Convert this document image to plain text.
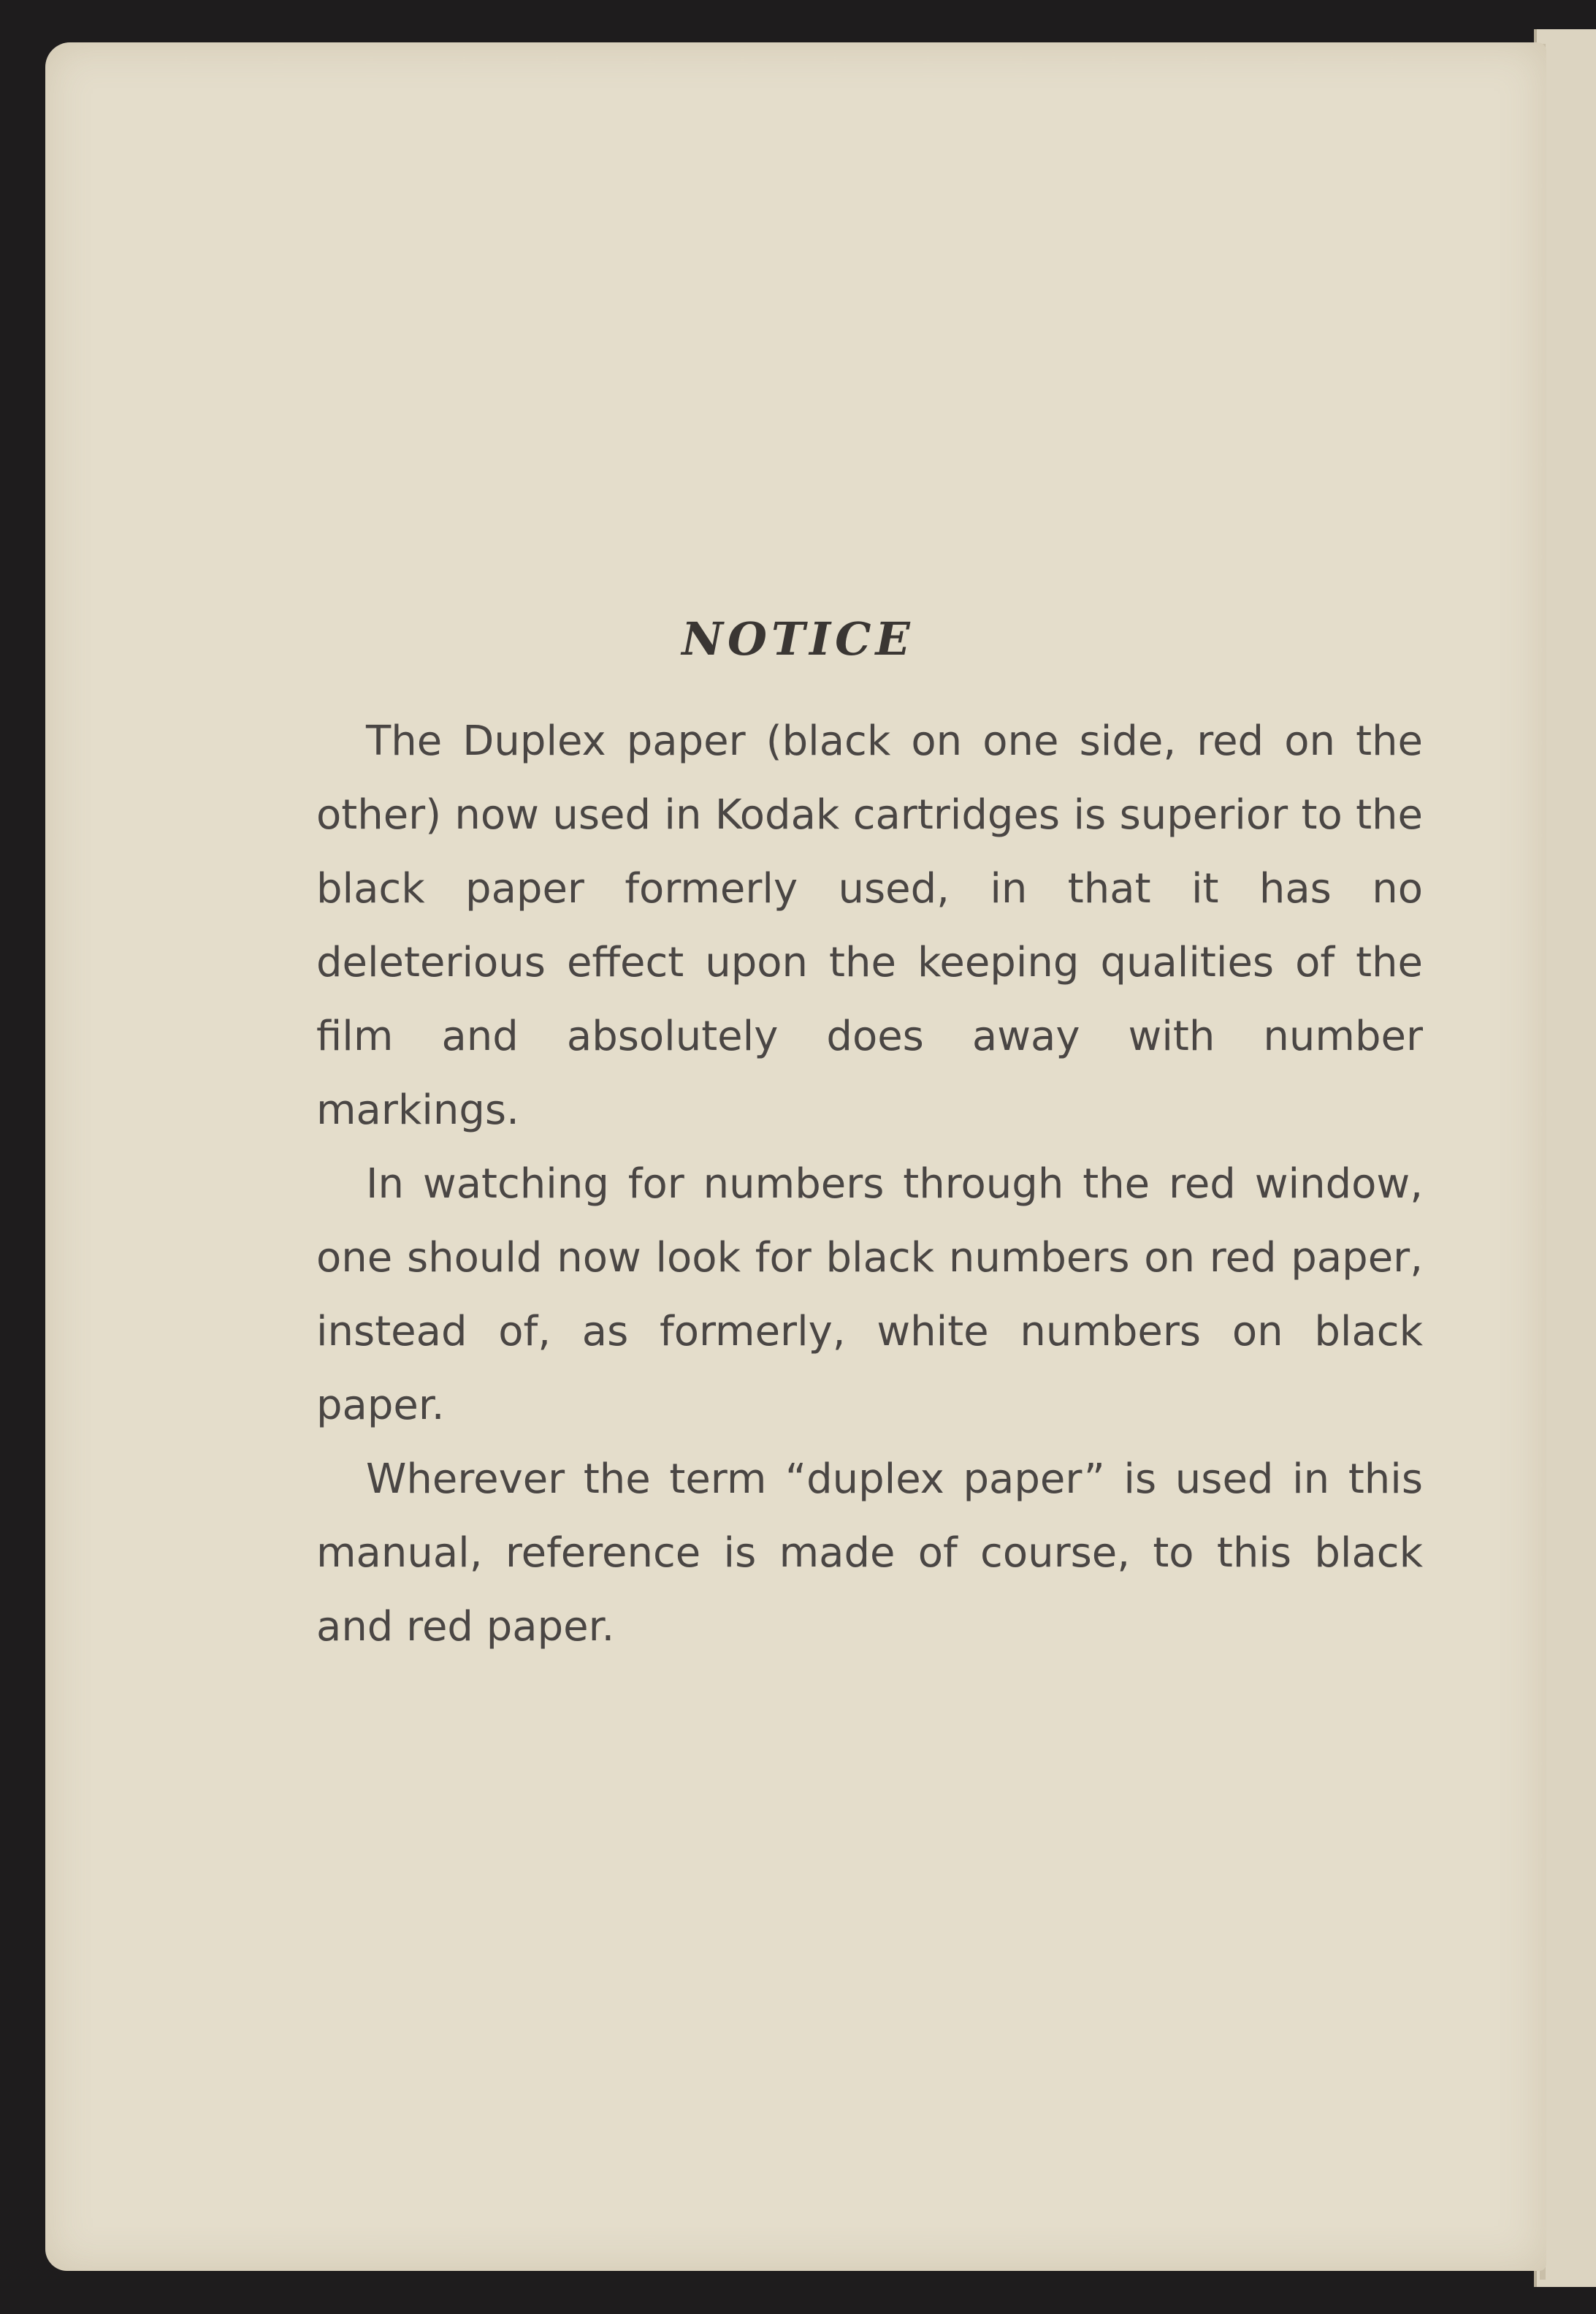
NOTICE

The Duplex paper (black on one side, red on the other) now used in Kodak cartridges is superior to the black paper formerly used, in that it has no deleterious effect upon the keeping qualities of the film and absolutely does away with number markings.

In watching for numbers through the red window, one should now look for black numbers on red paper, instead of, as formerly, white numbers on black paper.

Wherever the term “duplex paper” is used in this manual, reference is made of course, to this black and red paper.
